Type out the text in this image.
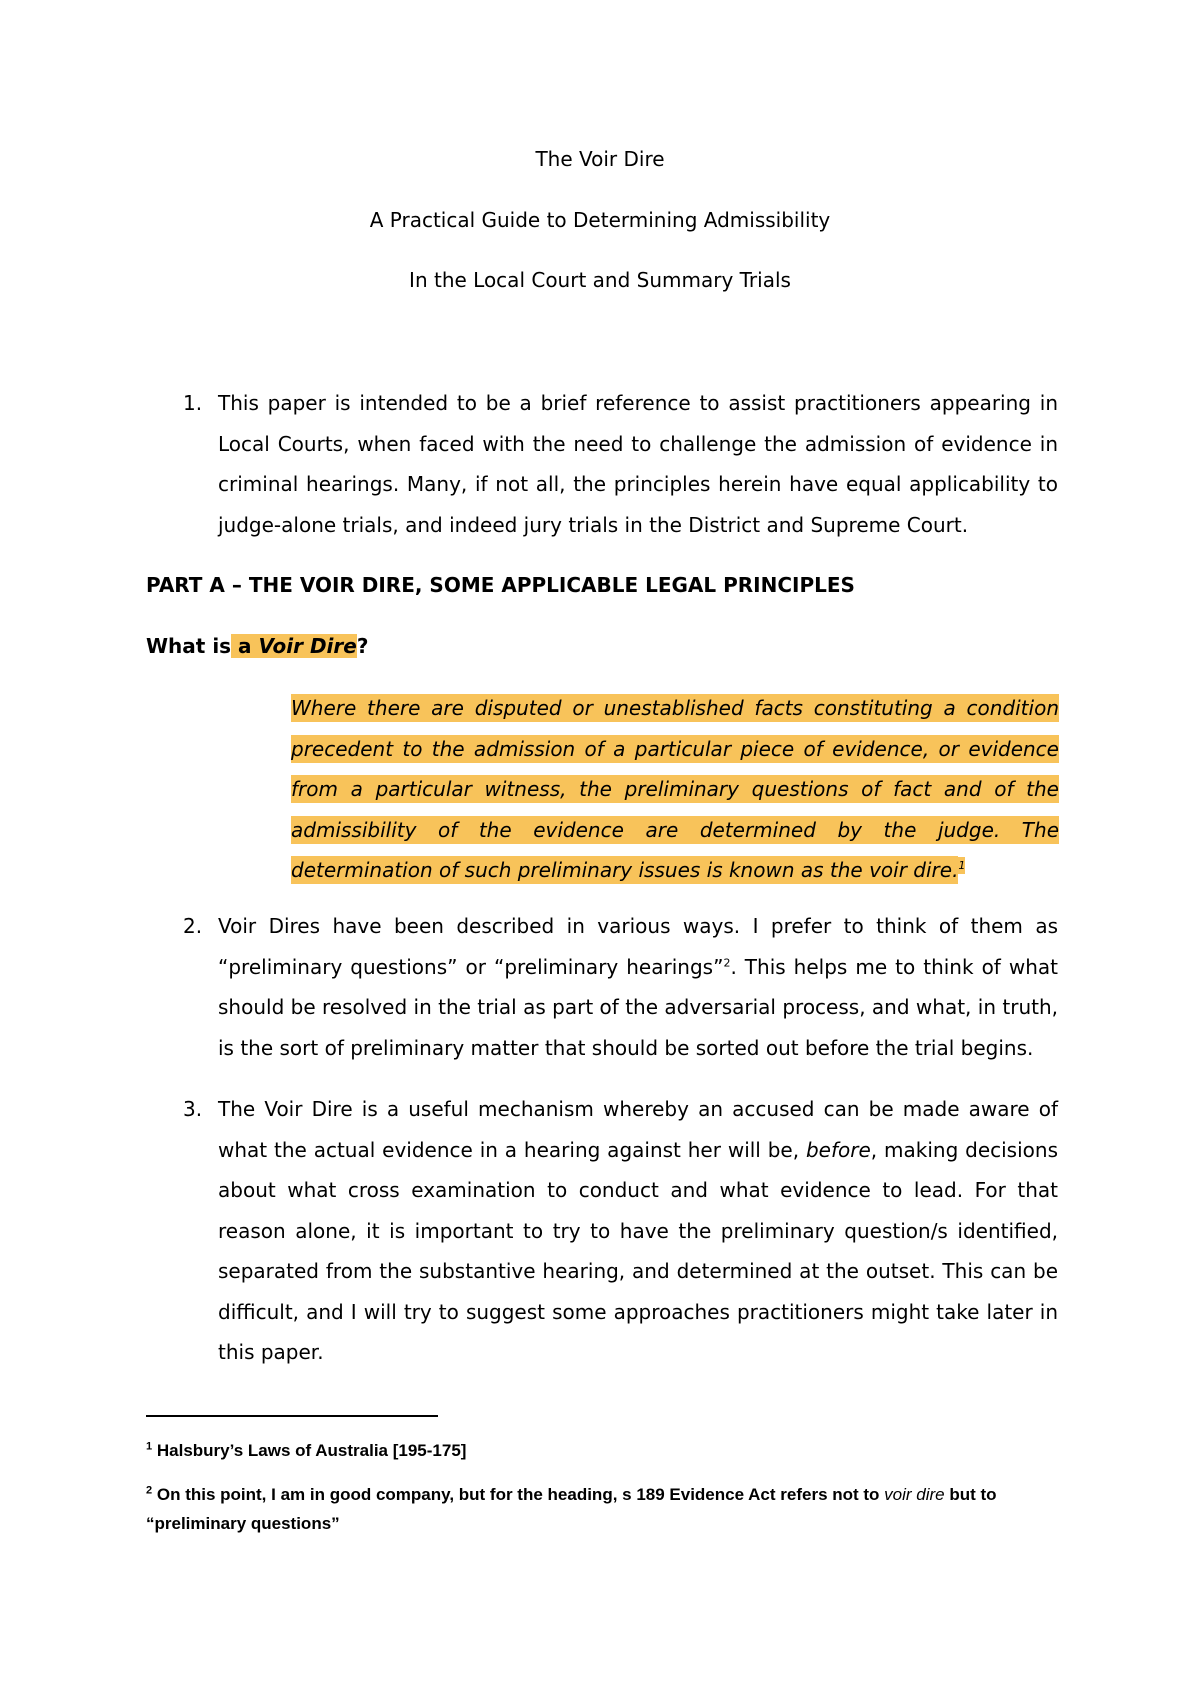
The Voir Dire
A Practical Guide to Determining Admissibility
In the Local Court and Summary Trials
1. This paper is intended to be a brief reference to assist practitioners appearing in Local Courts, when faced with the need to challenge the admission of evidence in criminal hearings. Many, if not all, the principles herein have equal applicability to judge-alone trials, and indeed jury trials in the District and Supreme Court.
PART A – THE VOIR DIRE, SOME APPLICABLE LEGAL PRINCIPLES
What is a Voir Dire?
Where there are disputed or unestablished facts constituting a condition precedent to the admission of a particular piece of evidence, or evidence from a particular witness, the preliminary questions of fact and of the admissibility of the evidence are determined by the judge. The determination of such preliminary issues is known as the voir dire.$^1$
2. Voir Dires have been described in various ways. I prefer to think of them as “preliminary questions” or “preliminary hearings”$^2$. This helps me to think of what should be resolved in the trial as part of the adversarial process, and what, in truth, is the sort of preliminary matter that should be sorted out before the trial begins.
3. The Voir Dire is a useful mechanism whereby an accused can be made aware of what the actual evidence in a hearing against her will be, before, making decisions about what cross examination to conduct and what evidence to lead. For that reason alone, it is important to try to have the preliminary question/s identified, separated from the substantive hearing, and determined at the outset. This can be difficult, and I will try to suggest some approaches practitioners might take later in this paper.
$^1$ Halsbury’s Laws of Australia [195-175]
$^2$ On this point, I am in good company, but for the heading, s 189 Evidence Act refers not to voir dire but to “preliminary questions”
